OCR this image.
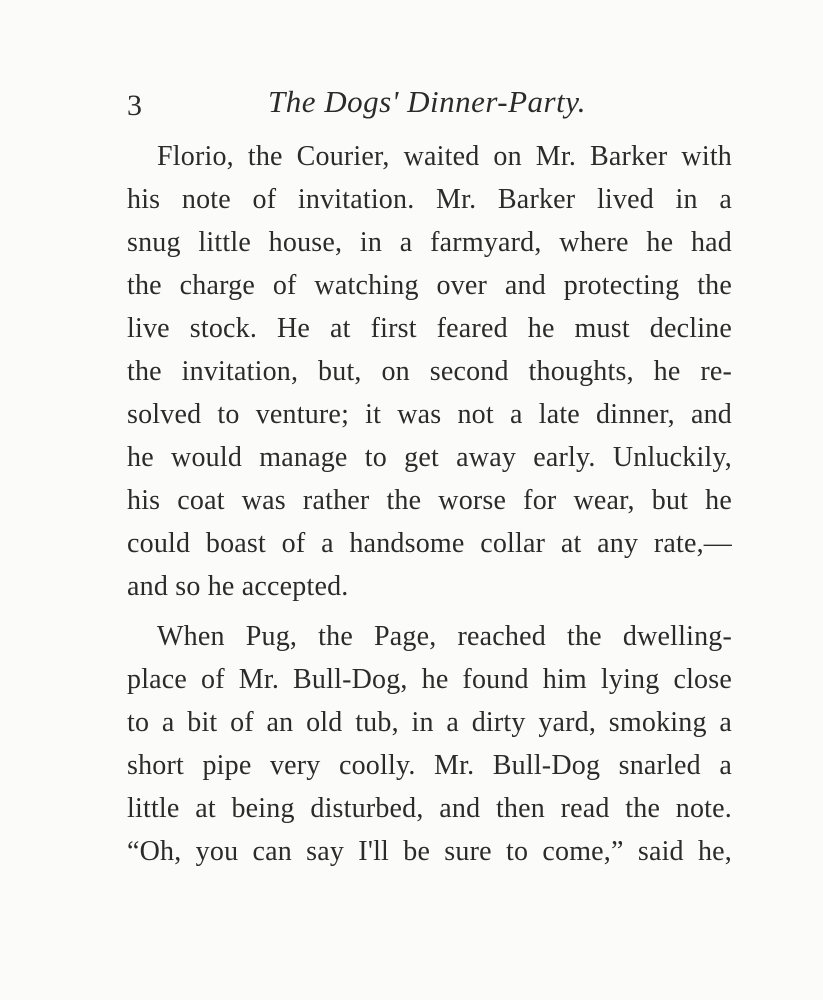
3	The Dogs' Dinner-Party.
Florio, the Courier, waited on Mr. Barker with
his note of invitation. Mr. Barker lived in a
snug little house, in a farmyard, where he had
the charge of watching over and protecting the
live stock. He at first feared he must decline
the invitation, but, on second thoughts, he re-
solved to venture; it was not a late dinner, and
he would manage to get away early. Unluckily,
his coat was rather the worse for wear, but he
could boast of a handsome collar at any rate,—
and so he accepted.
When Pug, the Page, reached the dwelling-
place of Mr. Bull-Dog, he found him lying close
to a bit of an old tub, in a dirty yard, smoking a
short pipe very coolly. Mr. Bull-Dog snarled a
little at being disturbed, and then read the note.
“Oh, you can say I'll be sure to come,” said he,
